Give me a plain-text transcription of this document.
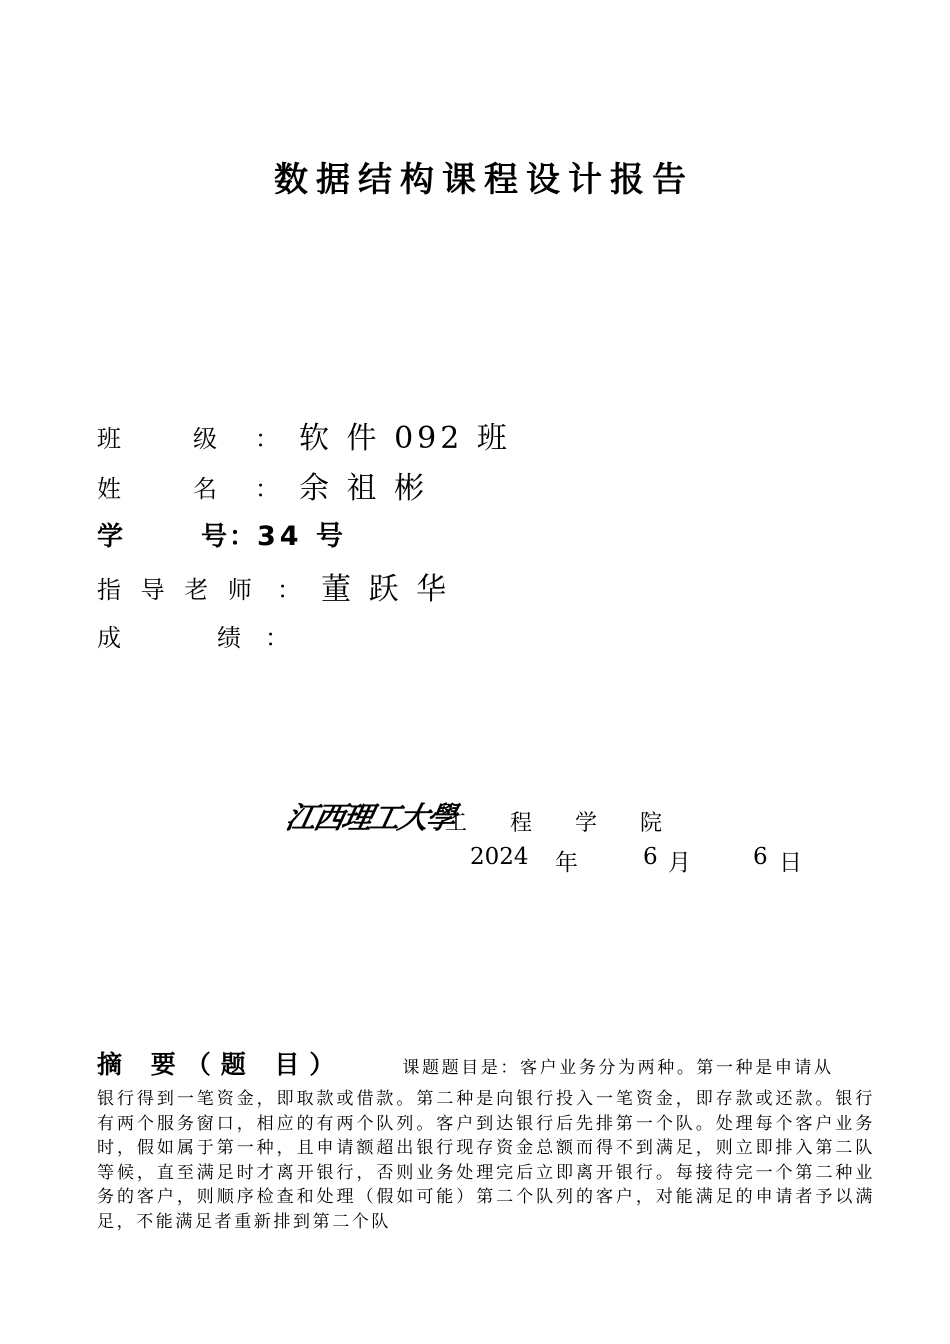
数据结构课程设计报告
班　　　级 ： 软 件 092 班
姓　　　名 ： 余 祖 彬
学　　　号 ： 34 号
指 导 老 师 ： 董 跃 华
成　　　　绩 ：
江西理工大學
工 程 学 院
2024 年	6 月	6 日
摘 要（题 目）	课题题目是：客户业务分为两种。第一种是申请从
银行得到一笔资金，即取款或借款。第二种是向银行投入一笔资金，即存款或还款。银行有两个服务窗口，相应的有两个队列。客户到达银行后先排第一个队。处理每个客户业务时，假如属于第一种，且申请额超出银行现存资金总额而得不到满足，则立即排入第二队等候，直至满足时才离开银行，否则业务处理完后立即离开银行。每接待完一个第二种业务的客户，则顺序检查和处理（假如可能）第二个队列的客户，对能满足的申请者予以满足，不能满足者重新排到第二个队
